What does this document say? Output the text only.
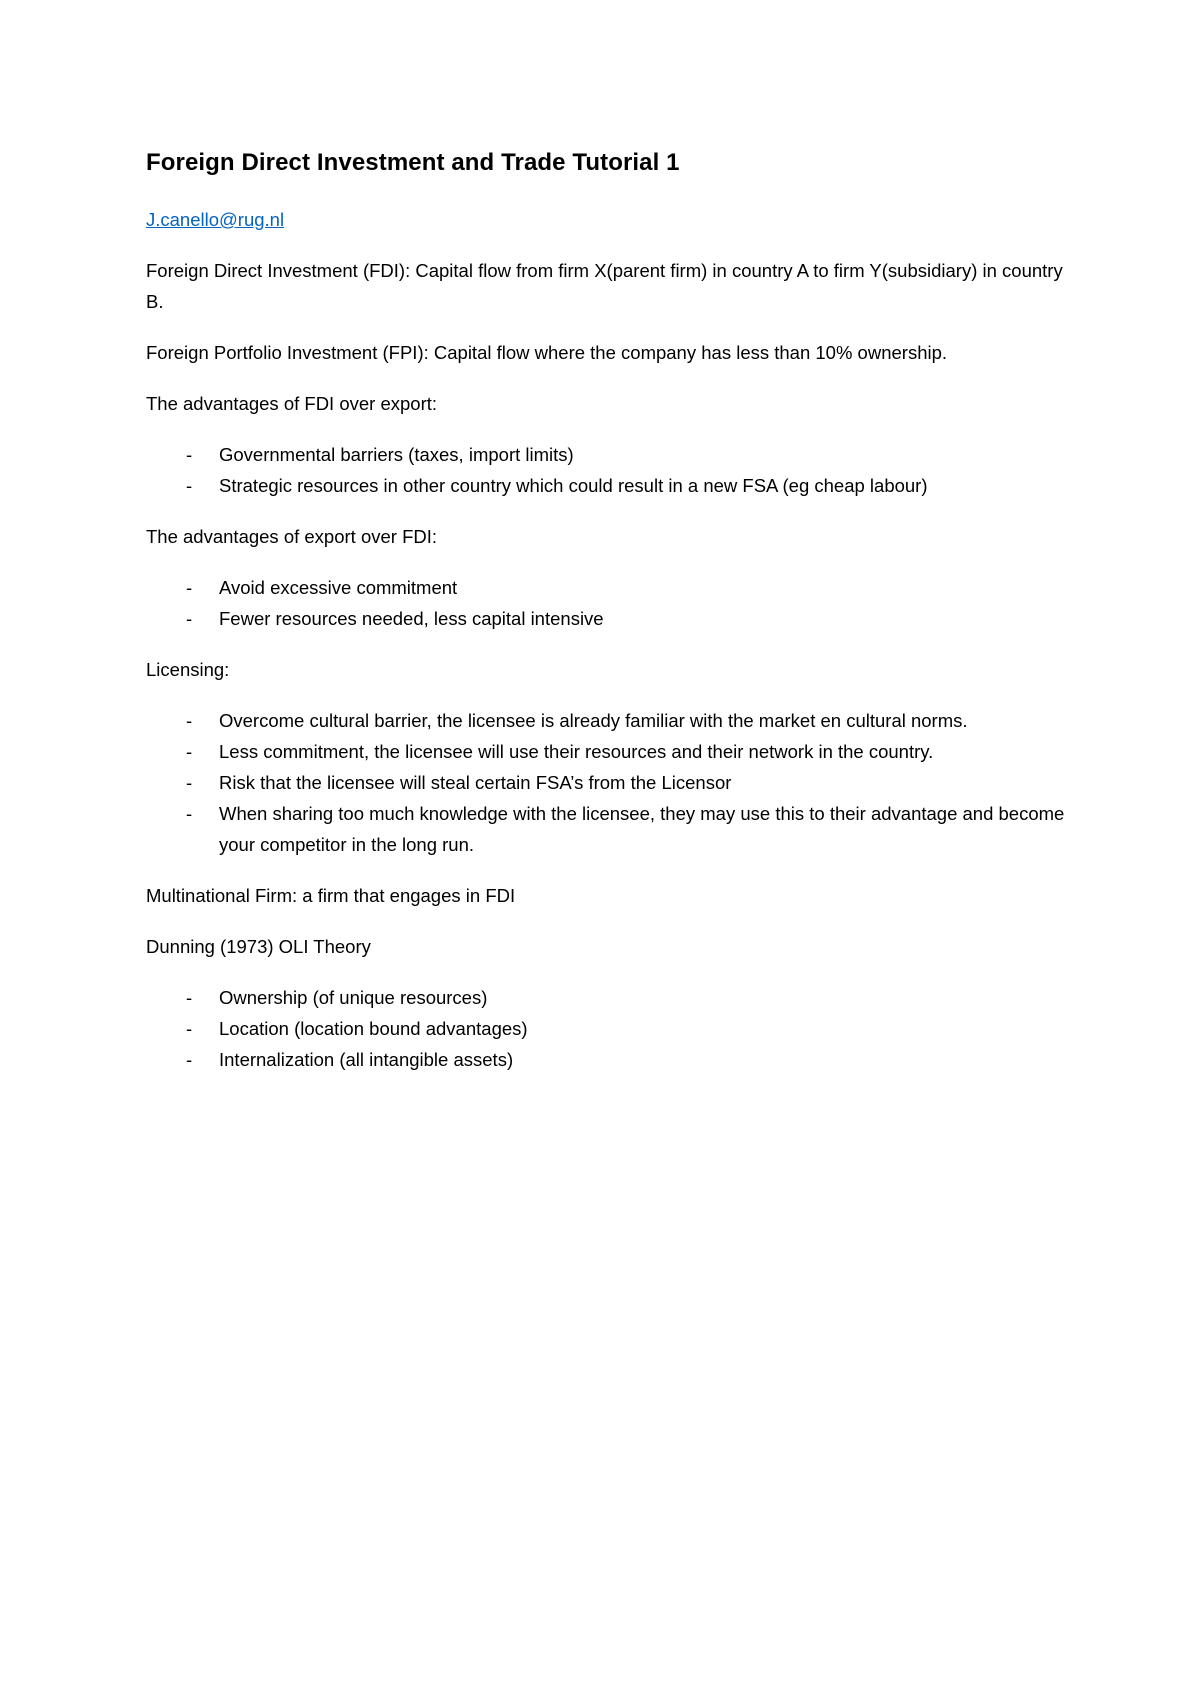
Foreign Direct Investment and Trade Tutorial 1
J.canello@rug.nl
Foreign Direct Investment (FDI): Capital flow from firm X(parent firm) in country A to firm Y(subsidiary) in country B.
Foreign Portfolio Investment (FPI): Capital flow where the company has less than 10% ownership.
The advantages of FDI over export:
- Governmental barriers (taxes, import limits)
- Strategic resources in other country which could result in a new FSA (eg cheap labour)
The advantages of export over FDI:
- Avoid excessive commitment
- Fewer resources needed, less capital intensive
Licensing:
- Overcome cultural barrier, the licensee is already familiar with the market en cultural norms.
- Less commitment, the licensee will use their resources and their network in the country.
- Risk that the licensee will steal certain FSA’s from the Licensor
- When sharing too much knowledge with the licensee, they may use this to their advantage and become your competitor in the long run.
Multinational Firm: a firm that engages in FDI
Dunning (1973) OLI Theory
- Ownership (of unique resources)
- Location (location bound advantages)
- Internalization (all intangible assets)
